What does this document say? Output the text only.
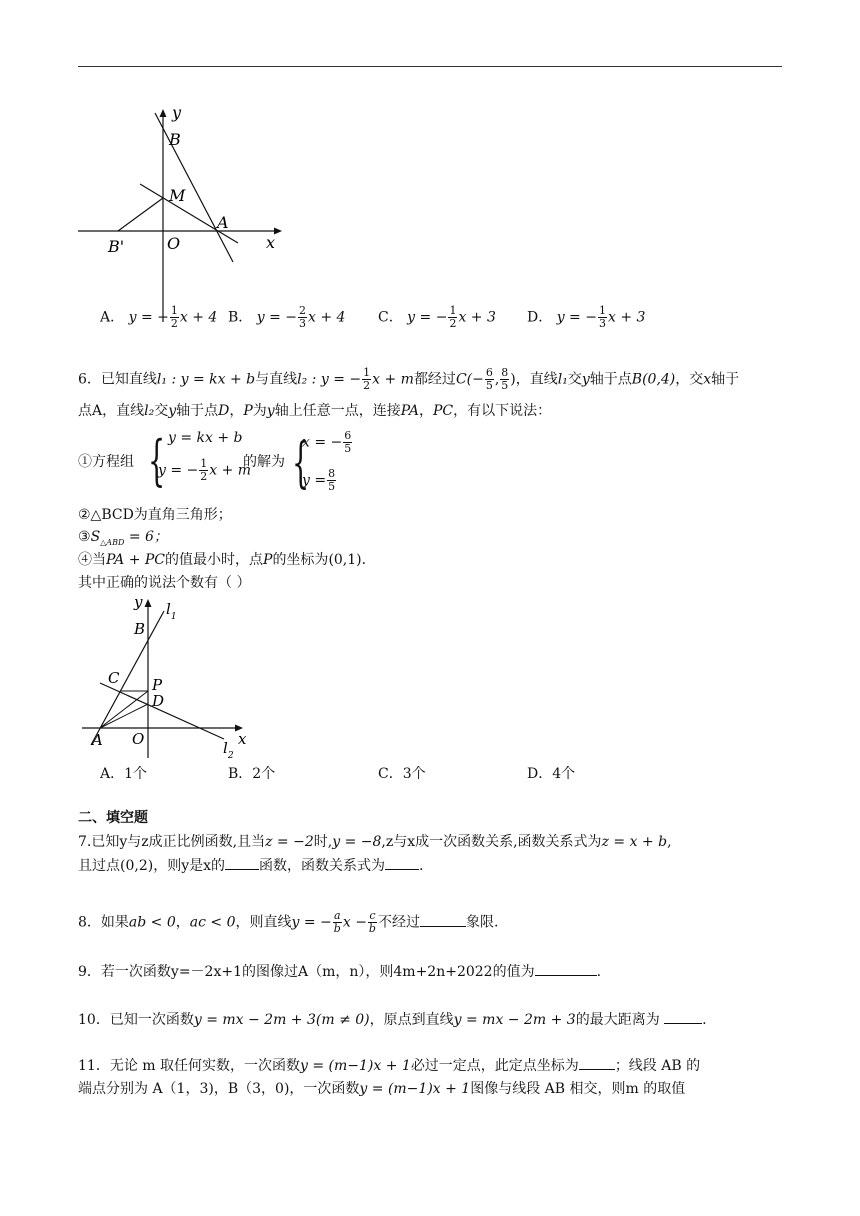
y
B
M
A
B'	O	x
A． y = − $\frac{1}{2}$ x + 4 B． y = − $\frac{2}{3}$ x + 4 C． y = − $\frac{1}{2}$ x + 3 D． y = − $\frac{1}{3}$ x + 3
6．已知直线l₁ : y = kx + b与直线l₂ : y = − $\frac{1}{2}$ x + m都经过$C(- \frac{6}{5}$ , $\frac{8}{5}$ )，直线l₁交y轴于点B(0,4)，交x轴于
点A，直线l₂交y轴于点D，P为y轴上任意一点，连接PA，PC，有以下说法：
①方程组 { y = kx + b
y = − $\frac{1}{2}$ x + m
的解为 {
x = − $\frac{6}{5}$
$y = \frac{8}{5}$
②△BCD为直角三角形；
$③S_{\triangle ABD} = 6$；
④当PA + PC的值最小时，点P的坐标为(0,1)．
其中正确的说法个数有（ ）
y $l_1$
B
C P
D
A O	x
$l_2$
A．1个	B．2个	C．3个	D．4个
二、填空题
7.已知y与z成正比例函数,且当z = −2时,y = −8,z与x成一次函数关系,函数关系式为z = x + b,
且过点(0,2)，则y是x的 函数，函数关系式为 .
8．如果ab < 0，ac < 0，则直线y = − $\frac{a}{b}$ $x - \frac{c}{b}$ 不经过	象限.
9．若一次函数y=－2x+1的图像过A（m，n），则4m+2n+2022的值为	.
10．已知一次函数y = mx − 2m + 3(m ≠ 0)，原点到直线y = mx − 2m + 3的最大距离为	.
11．无论 m 取任何实数，一次函数y = (m−1)x + 1必过一定点，此定点坐标为	；线段 AB 的
端点分别为 A（1，3)，B（3，0)，一次函数y = (m−1)x + 1图像与线段 AB 相交，则m 的取值
